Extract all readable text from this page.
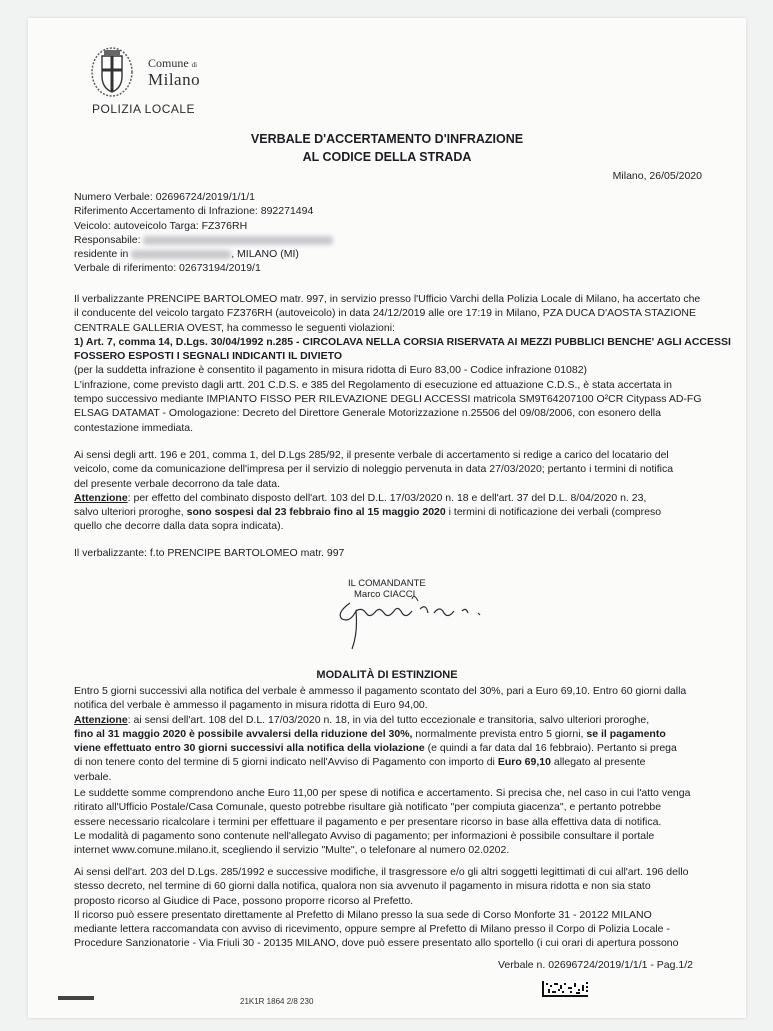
Comune di
Milano
POLIZIA LOCALE
VERBALE D'ACCERTAMENTO D'INFRAZIONE
AL CODICE DELLA STRADA
Milano, 26/05/2020
Numero Verbale: 02696724/2019/1/1/1
Riferimento Accertamento di Infrazione: 892271494
Veicolo: autoveicolo Targa: FZ376RH
Responsabile:
residente in	, MILANO (MI)
Verbale di riferimento: 02673194/2019/1
Il verbalizzante PRENCIPE BARTOLOMEO matr. 997, in servizio presso l'Ufficio Varchi della Polizia Locale di Milano, ha accertato che
il conducente del veicolo targato FZ376RH (autoveicolo) in data 24/12/2019 alle ore 17:19 in Milano, PZA DUCA D'AOSTA STAZIONE
CENTRALE GALLERIA OVEST, ha commesso le seguenti violazioni:
1) Art. 7, comma 14, D.Lgs. 30/04/1992 n.285 - CIRCOLAVA NELLA CORSIA RISERVATA AI MEZZI PUBBLICI BENCHE' AGLI ACCESSI
FOSSERO ESPOSTI I SEGNALI INDICANTI IL DIVIETO
(per la suddetta infrazione è consentito il pagamento in misura ridotta di Euro 83,00 - Codice infrazione 01082)
L'infrazione, come previsto dagli artt. 201 C.D.S. e 385 del Regolamento di esecuzione ed attuazione C.D.S., è stata accertata in
tempo successivo mediante IMPIANTO FISSO PER RILEVAZIONE DEGLI ACCESSI matricola SM9T64207100 O²CR Citypass AD-FG
ELSAG DATAMAT - Omologazione: Decreto del Direttore Generale Motorizzazione n.25506 del 09/08/2006, con esonero della
contestazione immediata.
Ai sensi degli artt. 196 e 201, comma 1, del D.Lgs 285/92, il presente verbale di accertamento si redige a carico del locatario del
veicolo, come da comunicazione dell'impresa per il servizio di noleggio pervenuta in data 27/03/2020; pertanto i termini di notifica
del presente verbale decorrono da tale data.
Attenzione: per effetto del combinato disposto dell'art. 103 del D.L. 17/03/2020 n. 18 e dell'art. 37 del D.L. 8/04/2020 n. 23,
salvo ulteriori proroghe, sono sospesi dal 23 febbraio fino al 15 maggio 2020 i termini di notificazione dei verbali (compreso
quello che decorre dalla data sopra indicata).
Il verbalizzante: f.to PRENCIPE BARTOLOMEO matr. 997
IL COMANDANTE
Marco CIACCI
MODALITÀ DI ESTINZIONE
Entro 5 giorni successivi alla notifica del verbale è ammesso il pagamento scontato del 30%, pari a Euro 69,10. Entro 60 giorni dalla
notifica del verbale è ammesso il pagamento in misura ridotta di Euro 94,00.
Attenzione: ai sensi dell'art. 108 del D.L. 17/03/2020 n. 18, in via del tutto eccezionale e transitoria, salvo ulteriori proroghe,
fino al 31 maggio 2020 è possibile avvalersi della riduzione del 30%, normalmente prevista entro 5 giorni, se il pagamento
viene effettuato entro 30 giorni successivi alla notifica della violazione (e quindi a far data dal 16 febbraio). Pertanto si prega
di non tenere conto del termine di 5 giorni indicato nell'Avviso di Pagamento con importo di Euro 69,10 allegato al presente
verbale.
Le suddette somme comprendono anche Euro 11,00 per spese di notifica e accertamento. Si precisa che, nel caso in cui l'atto venga
ritirato all'Ufficio Postale/Casa Comunale, questo potrebbe risultare già notificato "per compiuta giacenza", e pertanto potrebbe
essere necessario ricalcolare i termini per effettuare il pagamento e per presentare ricorso in base alla effettiva data di notifica.
Le modalità di pagamento sono contenute nell'allegato Avviso di pagamento; per informazioni è possibile consultare il portale
internet www.comune.milano.it, scegliendo il servizio "Multe", o telefonare al numero 02.0202.
Ai sensi dell'art. 203 del D.Lgs. 285/1992 e successive modifiche, il trasgressore e/o gli altri soggetti legittimati di cui all'art. 196 dello
stesso decreto, nel termine di 60 giorni dalla notifica, qualora non sia avvenuto il pagamento in misura ridotta e non sia stato
proposto ricorso al Giudice di Pace, possono proporre ricorso al Prefetto.
Il ricorso può essere presentato direttamente al Prefetto di Milano presso la sua sede di Corso Monforte 31 - 20122 MILANO
mediante lettera raccomandata con avviso di ricevimento, oppure sempre al Prefetto di Milano presso il Corpo di Polizia Locale -
Procedure Sanzionatorie - Via Friuli 30 - 20135 MILANO, dove può essere presentato allo sportello (i cui orari di apertura possono
Verbale n. 02696724/2019/1/1/1 - Pag.1/2
21K1R 1864 2/8 230
